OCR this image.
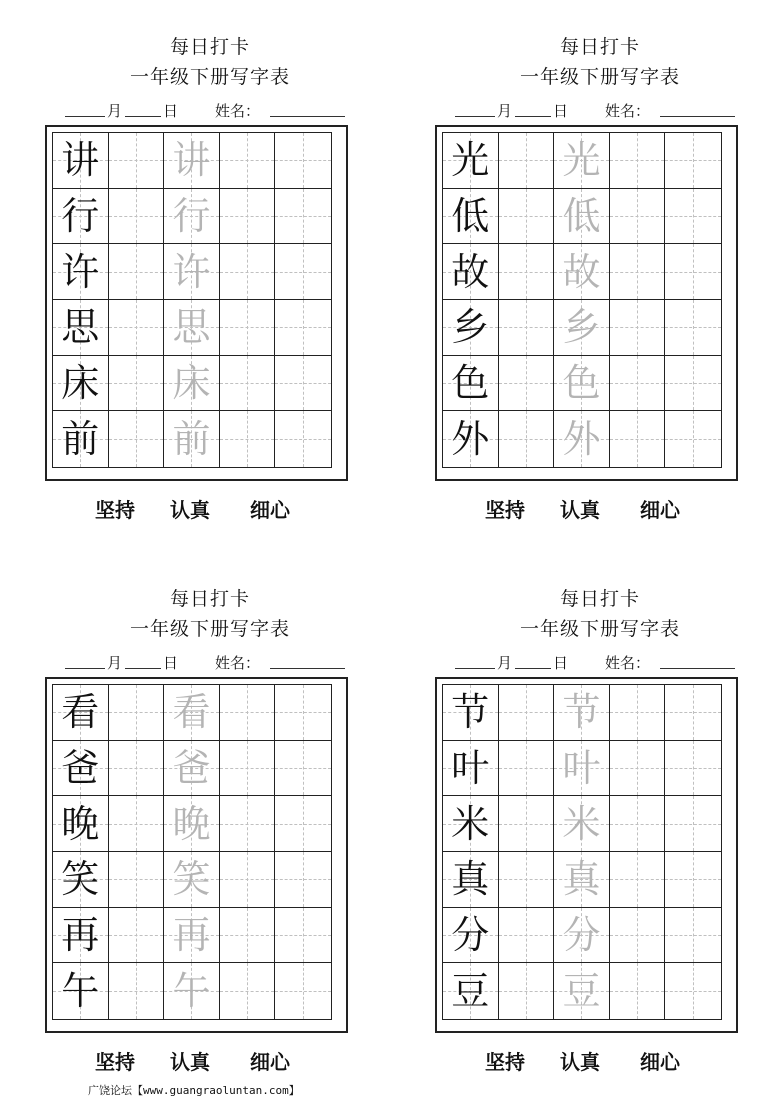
每日打卡
一年级下册写字表
月	日 姓名：
讲 讲
行 行
许 许
思 思
床 床
前 前
坚持 认真 细心
每日打卡
一年级下册写字表
月	日 姓名：
光 光
低 低
故 故
乡 乡
色 色
外 外
坚持 认真 细心
每日打卡
一年级下册写字表
月	日 姓名：
看 看
爸 爸
晚 晚
笑 笑
再 再
午 午
坚持 认真 细心
每日打卡
一年级下册写字表
月	日 姓名：
节 节
叶 叶
米 米
真 真
分 分
豆 豆
坚持 认真 细心
广饶论坛【www.guangraoluntan.com】
